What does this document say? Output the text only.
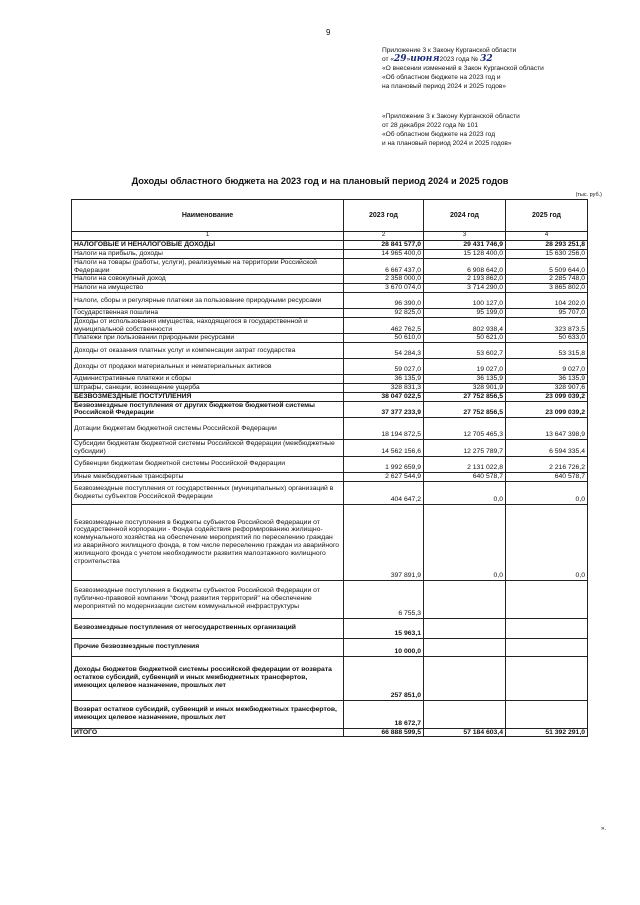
9
Приложение 3 к Закону Курганской области
от «29»июня2023 года № 32
«О внесении изменений в Закон Курганской области
«Об областном бюджете на 2023 год и
на плановый период 2024 и 2025 годов»
«Приложение 3 к Закону Курганской области
от 28 декабря 2022 года № 101
«Об областном бюджете на 2023 год
и на плановый период 2024 и 2025 годов»
Доходы областного бюджета на 2023 год и на плановый период 2024 и 2025 годов
(тыс. руб.)
Наименование	2023 год	2024 год	2025 год
1	2	3	4
НАЛОГОВЫЕ И НЕНАЛОГОВЫЕ ДОХОДЫ	28 841 577,0	29 431 746,9	28 293 251,8
Налоги на прибыль, доходы	14 965 400,0	15 128 400,0	15 630 256,0
Налоги на товары (работы, услуги), реализуемые на территории Российской Федерации	6 667 437,0	6 908 642,0	5 509 644,0
Налоги на совокупный доход	2 358 000,0	2 193 862,0	2 285 748,0
Налоги на имущество	3 670 074,0	3 714 290,0	3 865 802,0
Налоги, сборы и регулярные платежи за пользование природными ресурсами	96 390,0	100 127,0	104 202,0
Государственная пошлина	92 825,0	95 199,0	95 707,0
Доходы от использования имущества, находящегося в государственной и муниципальной собственности	462 762,5	802 938,4	323 873,5
Платежи при пользовании природными ресурсами	50 610,0	50 621,0	50 633,0
Доходы от оказания платных услуг и компенсации затрат государства	54 284,3	53 602,7	53 315,8
Доходы от продажи материальных и нематериальных активов	59 027,0	19 027,0	9 027,0
Административные платежи и сборы	36 135,9	36 135,9	36 135,9
Штрафы, санкции, возмещение ущерба	328 831,3	328 901,9	328 907,6
БЕЗВОЗМЕЗДНЫЕ ПОСТУПЛЕНИЯ	38 047 022,5	27 752 856,5	23 099 039,2
Безвозмездные поступления от других бюджетов бюджетной системы Российской Федерации	37 377 233,9	27 752 856,5	23 099 039,2
Дотации бюджетам бюджетной системы Российской Федерации	18 194 872,5	12 705 465,3	13 647 398,9
Субсидии бюджетам бюджетной системы Российской Федерации (межбюджетные субсидии)	14 562 156,6	12 275 789,7	6 594 335,4
Субвенции бюджетам бюджетной системы Российской Федерации	1 992 659,9	2 131 022,8	2 216 726,2
Иные межбюджетные трансферты	2 627 544,9	640 578,7	640 578,7
Безвозмездные поступления от государственных (муниципальных) организаций в бюджеты субъектов Российской Федерации	404 647,2	0,0	0,0
Безвозмездные поступления в бюджеты субъектов Российской Федерации от государственной корпорации - Фонда содействия реформированию жилищно-коммунального хозяйства на обеспечение мероприятий по переселению граждан из аварийного жилищного фонда, в том числе переселению граждан из аварийного жилищного фонда с учетом необходимости развития малоэтажного жилищного строительства	397 891,9	0,0	0,0
Безвозмездные поступления в бюджеты субъектов Российской Федерации от публично-правовой компании "Фонд развития территорий" на обеспечение мероприятий по модернизации систем коммунальной инфраструктуры	6 755,3		
Безвозмездные поступления от негосударственных организаций	15 963,1		
Прочие безвозмездные поступления	10 000,0		
Доходы бюджетов бюджетной системы российской федерации от возврата остатков субсидий, субвенций и иных межбюджетных трансфертов, имеющих целевое назначение, прошлых лет	257 851,0		
Возврат остатков субсидий, субвенций и иных межбюджетных трансфертов, имеющих целевое назначение, прошлых лет	18 672,7		
ИТОГО	66 888 599,5	57 184 603,4	51 392 291,0
».
